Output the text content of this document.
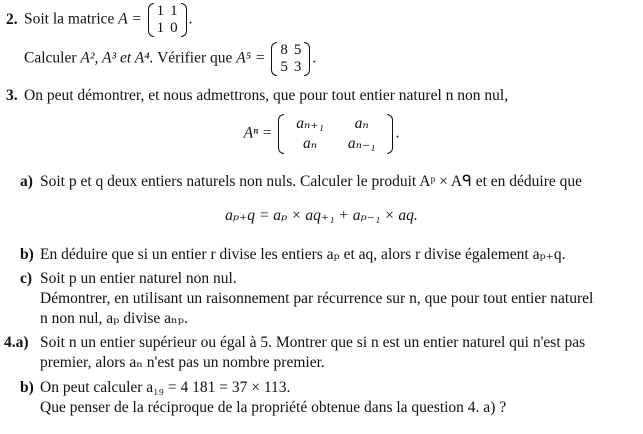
2. Soit la matrice A = 1	1
1	0
.
Calculer A², A³ et A⁴. Vérifier que A⁵ = 8	5
5	3
.
3. On peut démontrer, et nous admettrons, que pour tout entier naturel n non nul,
Aⁿ =
aₙ₊₁	aₙ
aₙ	aₙ₋₁
.
a) Soit p et q deux entiers naturels non nuls. Calculer le produit Aᵖ × Aᑫ et en déduire que
aₚ₊q = aₚ × aq₊₁ + aₚ₋₁ × aq.
b) En déduire que si un entier r divise les entiers aₚ et aq, alors r divise également aₚ₊q.
c) Soit p un entier naturel non nul.
Démontrer, en utilisant un raisonnement par récurrence sur n, que pour tout entier naturel
n non nul, aₚ divise aₙₚ.
4.a) Soit n un entier supérieur ou égal à 5. Montrer que si n est un entier naturel qui n'est pas
premier, alors aₙ n'est pas un nombre premier.
b) On peut calculer a₁₉ = 4 181 = 37 × 113.
Que penser de la réciproque de la propriété obtenue dans la question 4. a) ?
